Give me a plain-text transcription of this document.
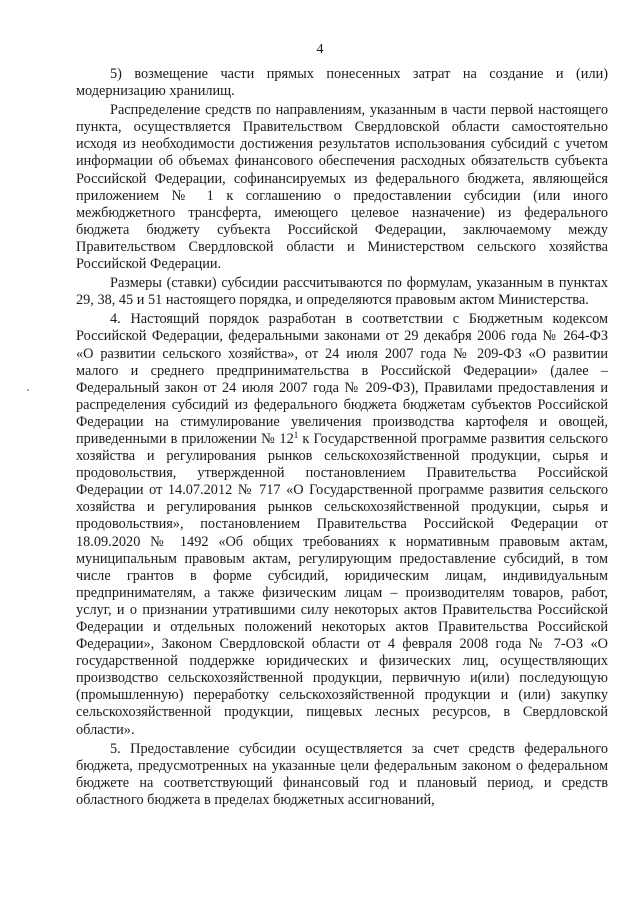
4

5) возмещение части прямых понесенных затрат на создание и (или) модернизацию хранилищ.

Распределение средств по направлениям, указанным в части первой настоящего пункта, осуществляется Правительством Свердловской области самостоятельно исходя из необходимости достижения результатов использования субсидий с учетом информации об объемах финансового обеспечения расходных обязательств субъекта Российской Федерации, софинансируемых из федерального бюджета, являющейся приложением № 1 к соглашению о предоставлении субсидии (или иного межбюджетного трансферта, имеющего целевое назначение) из федерального бюджета бюджету субъекта Российской Федерации, заключаемому между Правительством Свердловской области и Министерством сельского хозяйства Российской Федерации.

Размеры (ставки) субсидии рассчитываются по формулам, указанным в пунктах 29, 38, 45 и 51 настоящего порядка, и определяются правовым актом Министерства.

4. Настоящий порядок разработан в соответствии с Бюджетным кодексом Российской Федерации, федеральными законами от 29 декабря 2006 года № 264-ФЗ «О развитии сельского хозяйства», от 24 июля 2007 года № 209-ФЗ «О развитии малого и среднего предпринимательства в Российской Федерации» (далее – Федеральный закон от 24 июля 2007 года № 209-ФЗ), Правилами предоставления и распределения субсидий из федерального бюджета бюджетам субъектов Российской Федерации на стимулирование увеличения производства картофеля и овощей, приведенными в приложении № $12^1$ к Государственной программе развития сельского хозяйства и регулирования рынков сельскохозяйственной продукции, сырья и продовольствия, утвержденной постановлением Правительства Российской Федерации от 14.07.2012 № 717 «О Государственной программе развития сельского хозяйства и регулирования рынков сельскохозяйственной продукции, сырья и продовольствия», постановлением Правительства Российской Федерации от 18.09.2020 № 1492 «Об общих требованиях к нормативным правовым актам, муниципальным правовым актам, регулирующим предоставление субсидий, в том числе грантов в форме субсидий, юридическим лицам, индивидуальным предпринимателям, а также физическим лицам – производителям товаров, работ, услуг, и о признании утратившими силу некоторых актов Правительства Российской Федерации и отдельных положений некоторых актов Правительства Российской Федерации», Законом Свердловской области от 4 февраля 2008 года № 7-ОЗ «О государственной поддержке юридических и физических лиц, осуществляющих производство сельскохозяйственной продукции, первичную и(или) последующую (промышленную) переработку сельскохозяйственной продукции и (или) закупку сельскохозяйственной продукции, пищевых лесных ресурсов, в Свердловской области».

5. Предоставление субсидии осуществляется за счет средств федерального бюджета, предусмотренных на указанные цели федеральным законом о федеральном бюджете на соответствующий финансовый год и плановый период, и средств областного бюджета в пределах бюджетных ассигнований,
